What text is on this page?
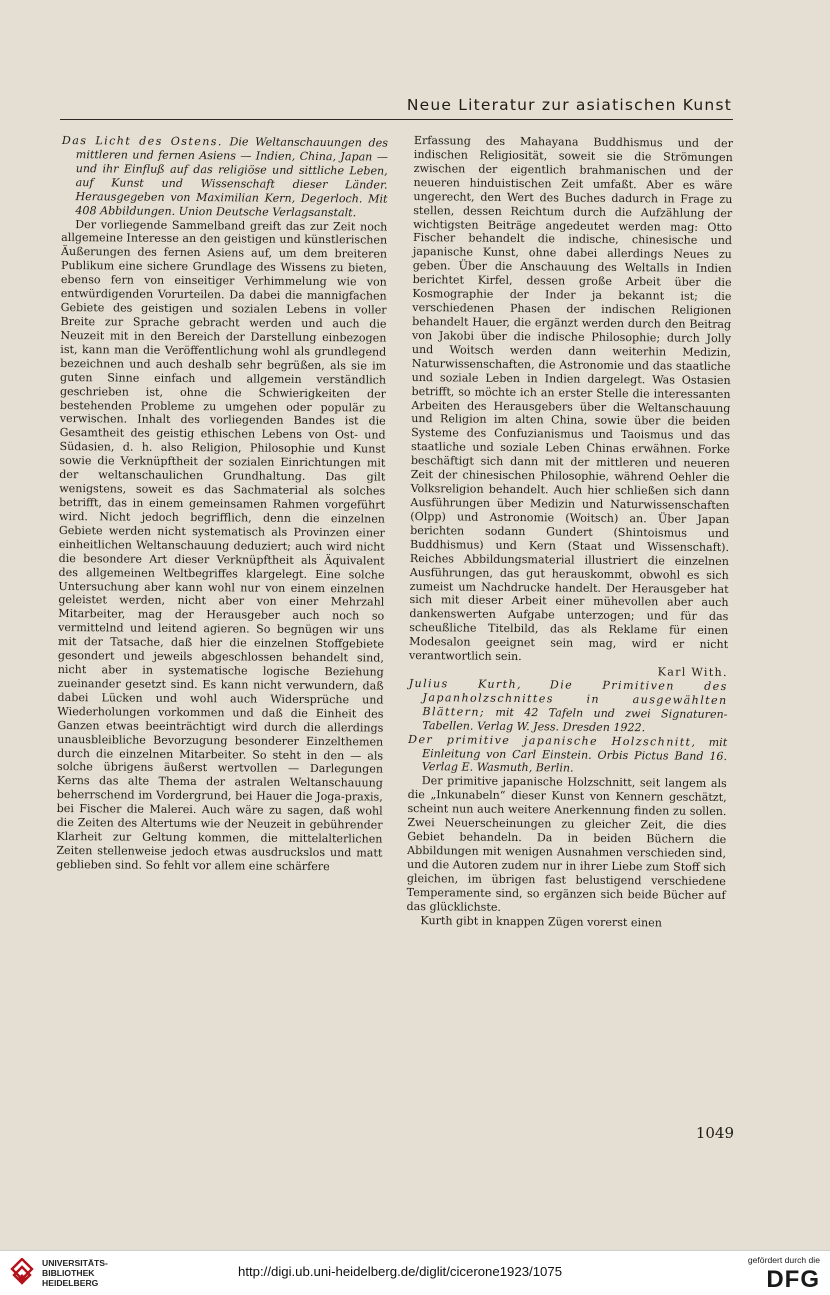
Neue Literatur zur asiatischen Kunst

Das Licht des Ostens. Die Weltanschauungen des mittleren und fernen Asiens — Indien, China, Japan — und ihr Einfluß auf das religiöse und sittliche Leben, auf Kunst und Wissenschaft dieser Länder. Herausgegeben von Maximilian Kern, Degerloch. Mit 408 Abbildungen. Union Deutsche Verlagsanstalt.

Der vorliegende Sammelband greift das zur Zeit noch allgemeine Interesse an den geistigen und künstlerischen Äußerungen des fernen Asiens auf, um dem breiteren Publikum eine sichere Grundlage des Wissens zu bieten, ebenso fern von einseitiger Verhimmelung wie von entwürdigenden Vorurteilen. Da dabei die mannigfachen Gebiete des geistigen und sozialen Lebens in voller Breite zur Sprache gebracht werden und auch die Neuzeit mit in den Bereich der Darstellung einbezogen ist, kann man die Veröffentlichung wohl als grundlegend bezeichnen und auch deshalb sehr begrüßen, als sie im guten Sinne einfach und allgemein verständlich geschrieben ist, ohne die Schwierigkeiten der bestehenden Probleme zu umgehen oder populär zu verwischen. Inhalt des vorliegenden Bandes ist die Gesamtheit des geistig ethischen Lebens von Ost- und Südasien, d. h. also Religion, Philosophie und Kunst sowie die Verknüpftheit der sozialen Einrichtungen mit der weltanschaulichen Grundhaltung. Das gilt wenigstens, soweit es das Sachmaterial als solches betrifft, das in einem gemeinsamen Rahmen vorgeführt wird. Nicht jedoch begrifflich, denn die einzelnen Gebiete werden nicht systematisch als Provinzen einer einheitlichen Weltanschauung deduziert; auch wird nicht die besondere Art dieser Verknüpftheit als Äquivalent des allgemeinen Weltbegriffes klargelegt. Eine solche Untersuchung aber kann wohl nur von einem einzelnen geleistet werden, nicht aber von einer Mehrzahl Mitarbeiter, mag der Herausgeber auch noch so vermittelnd und leitend agieren. So begnügen wir uns mit der Tatsache, daß hier die einzelnen Stoffgebiete gesondert und jeweils abgeschlossen behandelt sind, nicht aber in systematische logische Beziehung zueinander gesetzt sind. Es kann nicht verwundern, daß dabei Lücken und wohl auch Widersprüche und Wiederholungen vorkommen und daß die Einheit des Ganzen etwas beeinträchtigt wird durch die allerdings unausbleibliche Bevorzugung besonderer Einzelthemen durch die einzelnen Mitarbeiter. So steht in den — als solche übrigens äußerst wertvollen — Darlegungen Kerns das alte Thema der astralen Weltanschauung beherrschend im Vordergrund, bei Hauer die Joga-praxis, bei Fischer die Malerei. Auch wäre zu sagen, daß wohl die Zeiten des Altertums wie der Neuzeit in gebührender Klarheit zur Geltung kommen, die mittelalterlichen Zeiten stellenweise jedoch etwas ausdruckslos und matt geblieben sind. So fehlt vor allem eine schärfere

Erfassung des Mahayana Buddhismus und der indischen Religiosität, soweit sie die Strömungen zwischen der eigentlich brahmanischen und der neueren hinduistischen Zeit umfaßt. Aber es wäre ungerecht, den Wert des Buches dadurch in Frage zu stellen, dessen Reichtum durch die Aufzählung der wichtigsten Beiträge angedeutet werden mag: Otto Fischer behandelt die indische, chinesische und japanische Kunst, ohne dabei allerdings Neues zu geben. Über die Anschauung des Weltalls in Indien berichtet Kirfel, dessen große Arbeit über die Kosmographie der Inder ja bekannt ist; die verschiedenen Phasen der indischen Religionen behandelt Hauer, die ergänzt werden durch den Beitrag von Jakobi über die indische Philosophie; durch Jolly und Woitsch werden dann weiterhin Medizin, Naturwissenschaften, die Astronomie und das staatliche und soziale Leben in Indien dargelegt. Was Ostasien betrifft, so möchte ich an erster Stelle die interessanten Arbeiten des Herausgebers über die Weltanschauung und Religion im alten China, sowie über die beiden Systeme des Confuzianismus und Taoismus und das staatliche und soziale Leben Chinas erwähnen. Forke beschäftigt sich dann mit der mittleren und neueren Zeit der chinesischen Philosophie, während Oehler die Volksreligion behandelt. Auch hier schließen sich dann Ausführungen über Medizin und Naturwissenschaften (Olpp) und Astronomie (Woitsch) an. Über Japan berichten sodann Gundert (Shintoismus und Buddhismus) und Kern (Staat und Wissenschaft). Reiches Abbildungsmaterial illustriert die einzelnen Ausführungen, das gut herauskommt, obwohl es sich zumeist um Nachdrucke handelt. Der Herausgeber hat sich mit dieser Arbeit einer mühevollen aber auch dankenswerten Aufgabe unterzogen; und für das scheußliche Titelbild, das als Reklame für einen Modesalon geeignet sein mag, wird er nicht verantwortlich sein.

Karl With.

Julius Kurth,	Die Primitiven des Japanholzschnittes in ausgewählten Blättern; mit 42 Tafeln und zwei Signaturen-Tabellen. Verlag W. Jess. Dresden 1922.

Der primitive japanische Holzschnitt, mit Einleitung von Carl Einstein. Orbis Pictus Band 16. Verlag E. Wasmuth, Berlin.

Der primitive japanische Holzschnitt, seit langem als die „Inkunabeln“ dieser Kunst von Kennern geschätzt, scheint nun auch weitere Anerkennung finden zu sollen. Zwei Neuerscheinungen zu gleicher Zeit, die dies Gebiet behandeln. Da in beiden Büchern die Abbildungen mit wenigen Ausnahmen verschieden sind, und die Autoren zudem nur in ihrer Liebe zum Stoff sich gleichen, im übrigen fast belustigend verschiedene Temperamente sind, so ergänzen sich beide Bücher auf das glücklichste.

Kurth gibt in knappen Zügen vorerst einen

1049
UNIVERSITÄTS-
BIBLIOTHEK
HEIDELBERG
http://digi.ub.uni-heidelberg.de/diglit/cicerone1923/1075
gefördert durch die
DFG
